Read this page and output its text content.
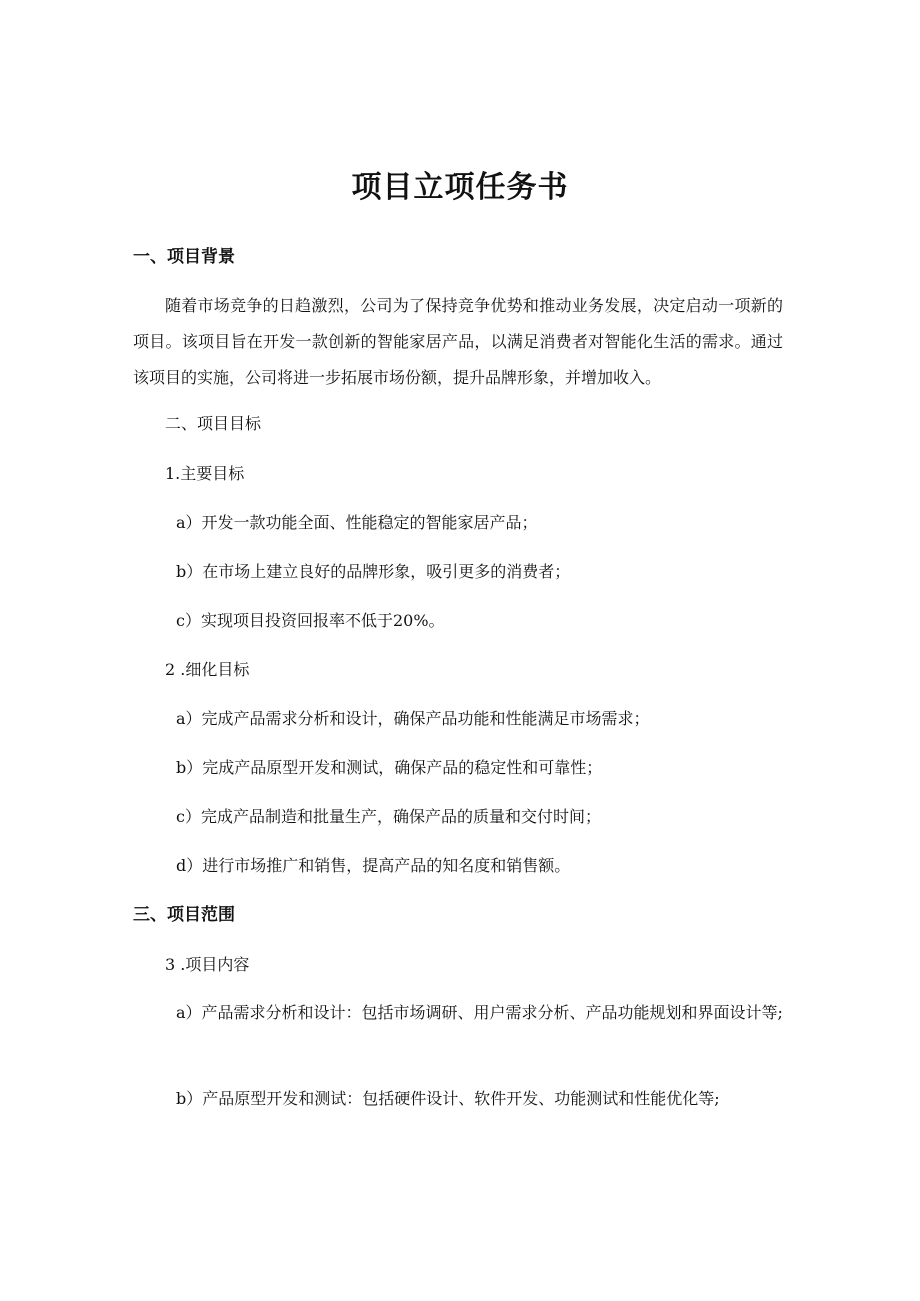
项目立项任务书
一、项目背景
随着市场竞争的日趋激烈，公司为了保持竞争优势和推动业务发展，决定启动一项新的项目。该项目旨在开发一款创新的智能家居产品，以满足消费者对智能化生活的需求。通过该项目的实施，公司将进一步拓展市场份额，提升品牌形象，并增加收入。
二、项目目标
1.主要目标
a）开发一款功能全面、性能稳定的智能家居产品；
b）在市场上建立良好的品牌形象，吸引更多的消费者；
c）实现项目投资回报率不低于20%。
2 .细化目标
a）完成产品需求分析和设计，确保产品功能和性能满足市场需求；
b）完成产品原型开发和测试，确保产品的稳定性和可靠性；
c）完成产品制造和批量生产，确保产品的质量和交付时间；
d）进行市场推广和销售，提高产品的知名度和销售额。
三、项目范围
3 .项目内容
a）产品需求分析和设计：包括市场调研、用户需求分析、产品功能规划和界面设计等;
b）产品原型开发和测试：包括硬件设计、软件开发、功能测试和性能优化等;
